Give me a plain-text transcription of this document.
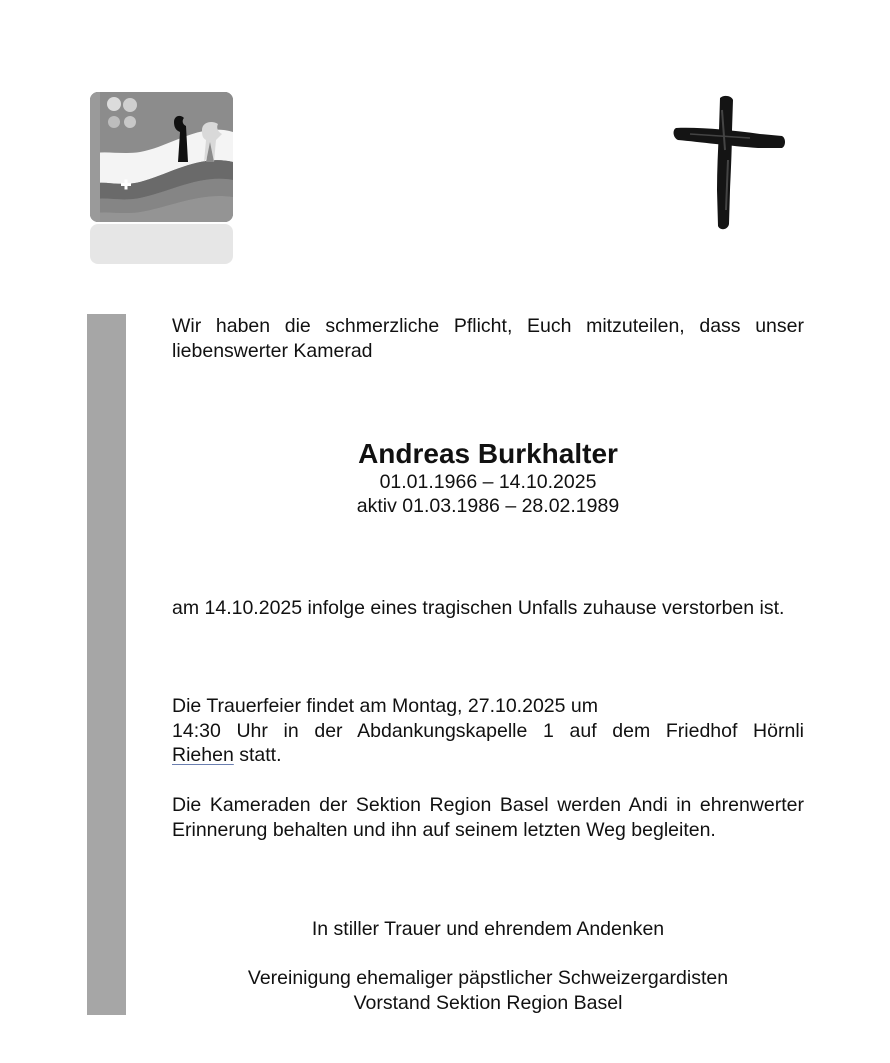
Wir haben die schmerzliche Pflicht, Euch mitzuteilen, dass unser liebenswerter Kamerad

Andreas Burkhalter
01.01.1966 – 14.10.2025
aktiv 01.03.1986 – 28.02.1989

am 14.10.2025 infolge eines tragischen Unfalls zuhause verstorben ist.

Die Trauerfeier findet am Montag, 27.10.2025 um
14:30 Uhr in der Abdankungskapelle 1 auf dem Friedhof Hörnli
Riehen statt.

Die Kameraden der Sektion Region Basel werden Andi in ehrenwerter Erinnerung behalten und ihn auf seinem letzten Weg begleiten.

In stiller Trauer und ehrendem Andenken
Vereinigung ehemaliger päpstlicher Schweizergardisten
Vorstand Sektion Region Basel
